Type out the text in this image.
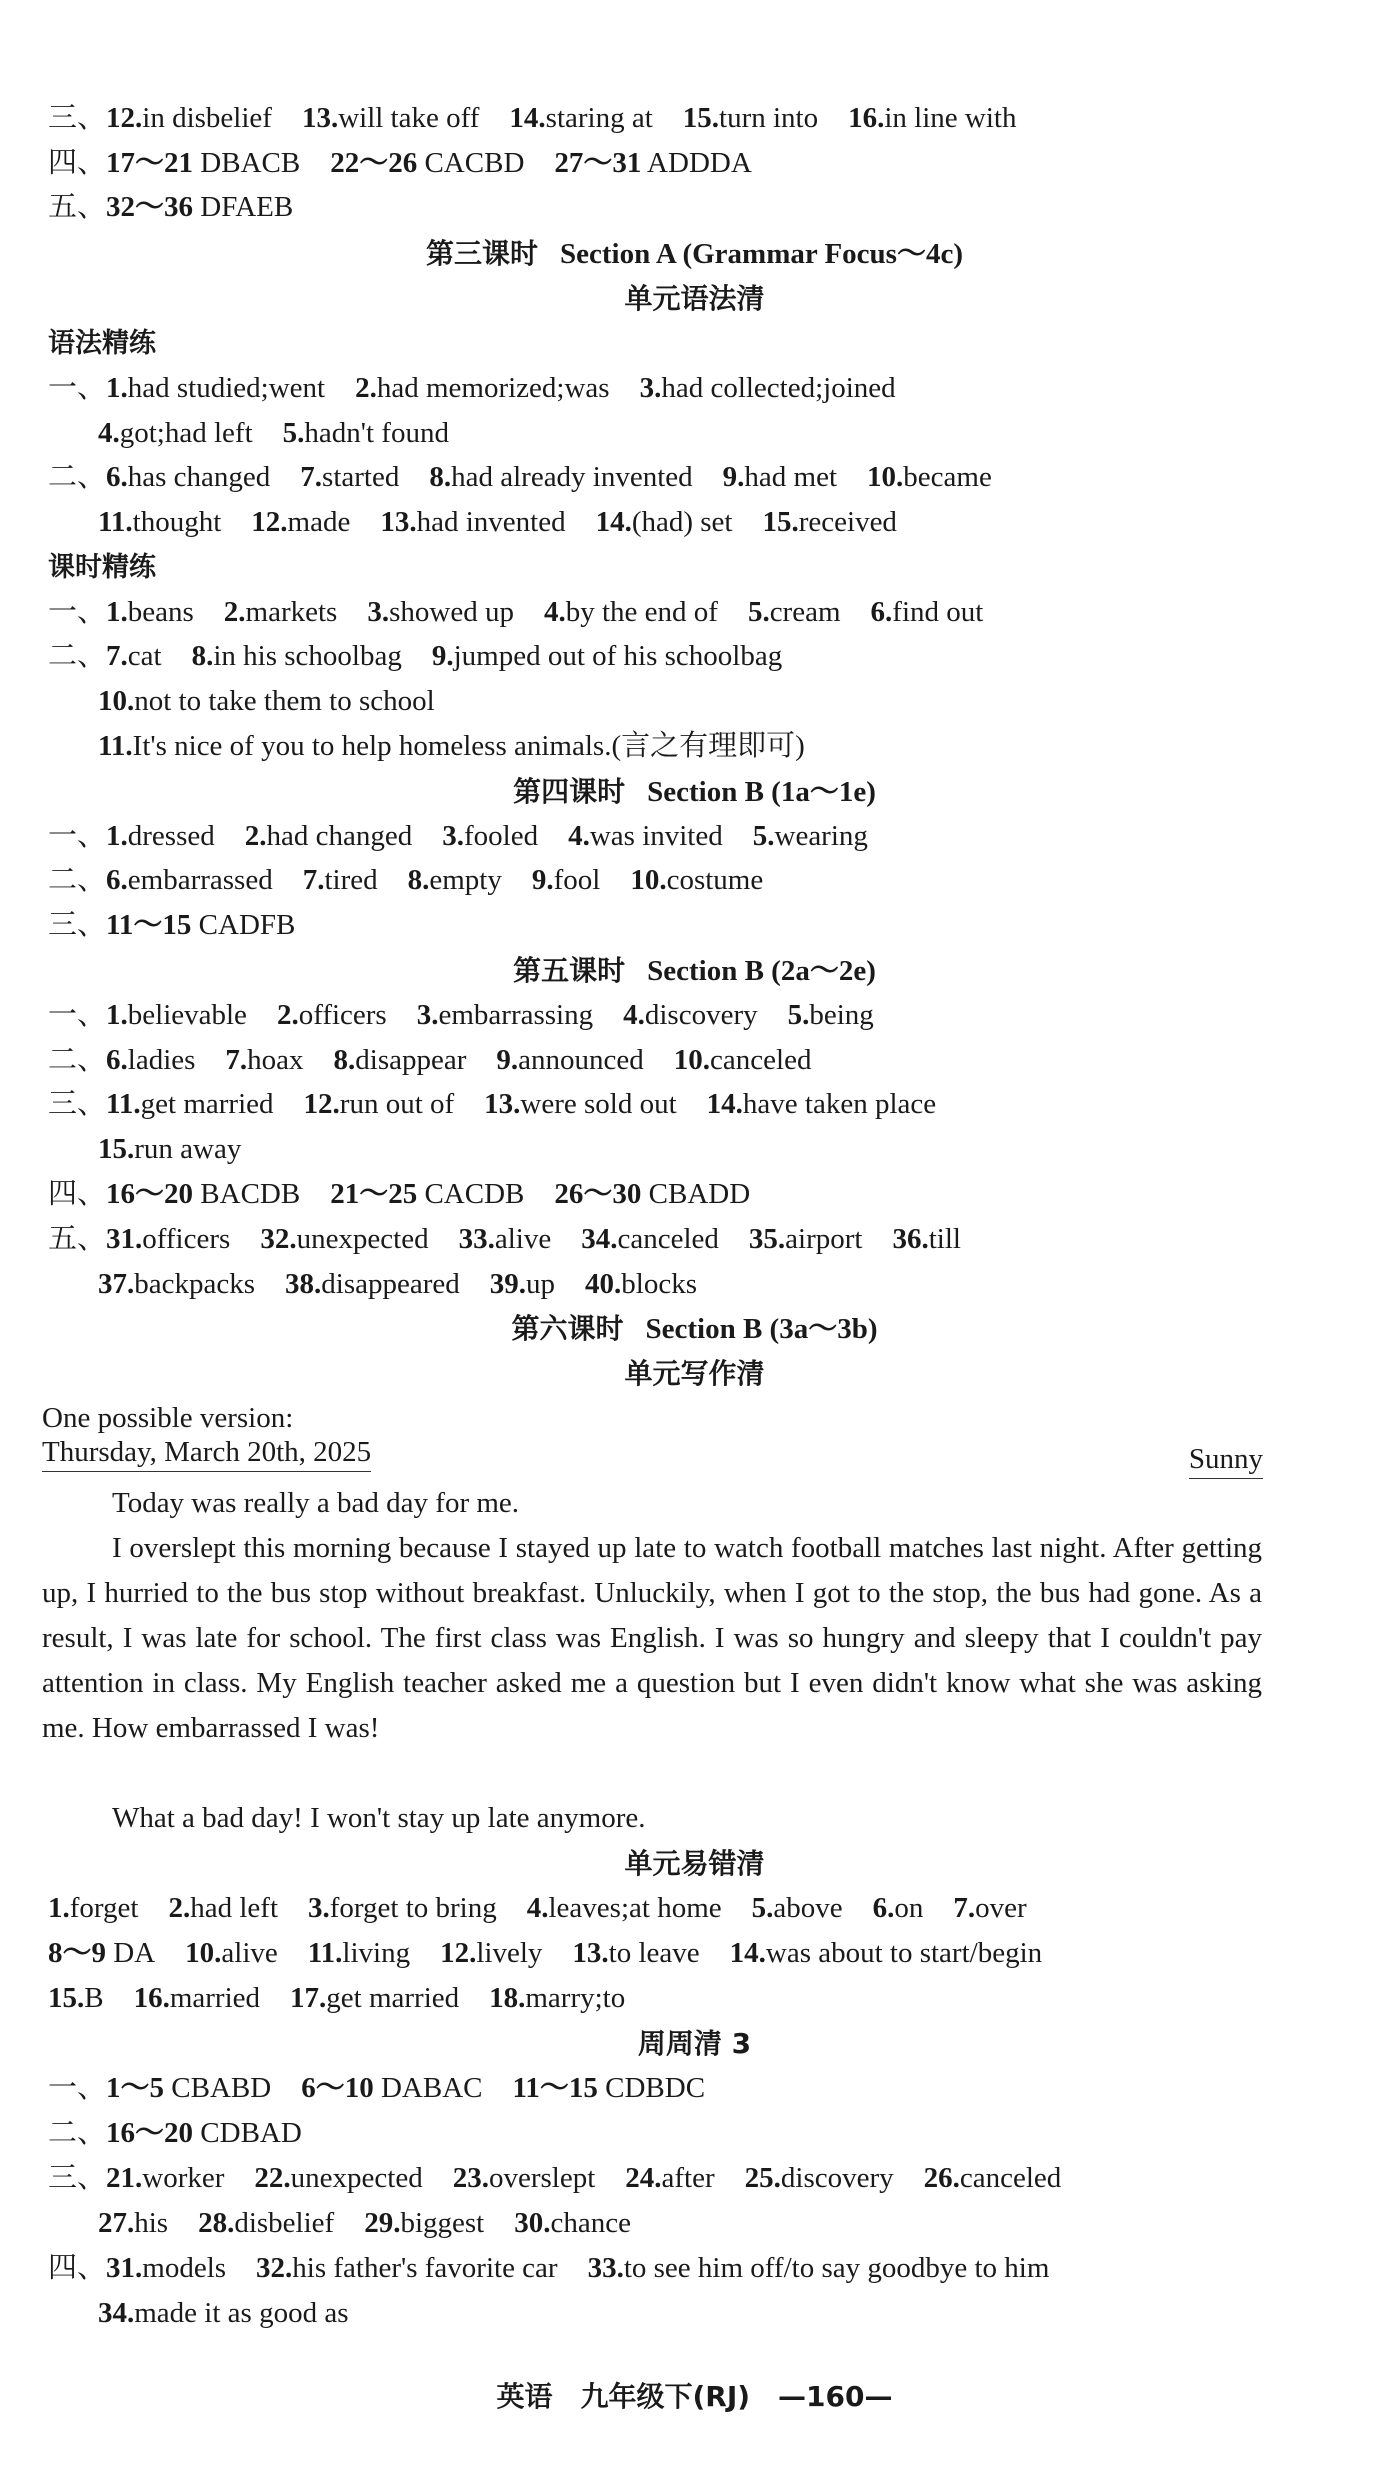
三、12.in disbelief 13.will take off 14.staring at 15.turn into 16.in line with
四、17～21 DBACB 22～26 CACBD 27～31 ADDDA
五、32～36 DFAEB
第三课时 Section A (Grammar Focus～4c)
单元语法清
语法精练
一、1.had studied;went 2.had memorized;was 3.had collected;joined
4.got;had left 5.hadn't found
二、6.has changed 7.started 8.had already invented 9.had met 10.became
11.thought 12.made 13.had invented 14.(had) set 15.received
课时精练
一、1.beans 2.markets 3.showed up 4.by the end of 5.cream 6.find out
二、7.cat 8.in his schoolbag 9.jumped out of his schoolbag
10.not to take them to school
11.It's nice of you to help homeless animals.(言之有理即可)
第四课时 Section B (1a～1e)
一、1.dressed 2.had changed 3.fooled 4.was invited 5.wearing
二、6.embarrassed 7.tired 8.empty 9.fool 10.costume
三、11～15 CADFB
第五课时 Section B (2a～2e)
一、1.believable 2.officers 3.embarrassing 4.discovery 5.being
二、6.ladies 7.hoax 8.disappear 9.announced 10.canceled
三、11.get married 12.run out of 13.were sold out 14.have taken place
15.run away
四、16～20 BACDB 21～25 CACDB 26～30 CBADD
五、31.officers 32.unexpected 33.alive 34.canceled 35.airport 36.till
37.backpacks 38.disappeared 39.up 40.blocks
第六课时 Section B (3a～3b)
单元写作清
One possible version:
Thursday, March 20th, 2025	Sunny
Today was really a bad day for me.
I overslept this morning because I stayed up late to watch football matches last night. After getting up, I hurried to the bus stop without breakfast. Unluckily, when I got to the stop, the bus had gone. As a result, I was late for school. The first class was English. I was so hungry and sleepy that I couldn't pay attention in class. My English teacher asked me a question but I even didn't know what she was asking me. How embarrassed I was!
What a bad day! I won't stay up late anymore.
单元易错清
1.forget 2.had left 3.forget to bring 4.leaves;at home 5.above 6.on 7.over
8～9 DA 10.alive 11.living 12.lively 13.to leave 14.was about to start/begin
15.B 16.married 17.get married 18.marry;to
周周清 3
一、1～5 CBABD 6～10 DABAC 11～15 CDBDC
二、16～20 CDBAD
三、21.worker 22.unexpected 23.overslept 24.after 25.discovery 26.canceled
27.his 28.disbelief 29.biggest 30.chance
四、31.models 32.his father's favorite car 33.to see him off/to say goodbye to him
34.made it as good as
英语　九年级下(RJ)　—160—
